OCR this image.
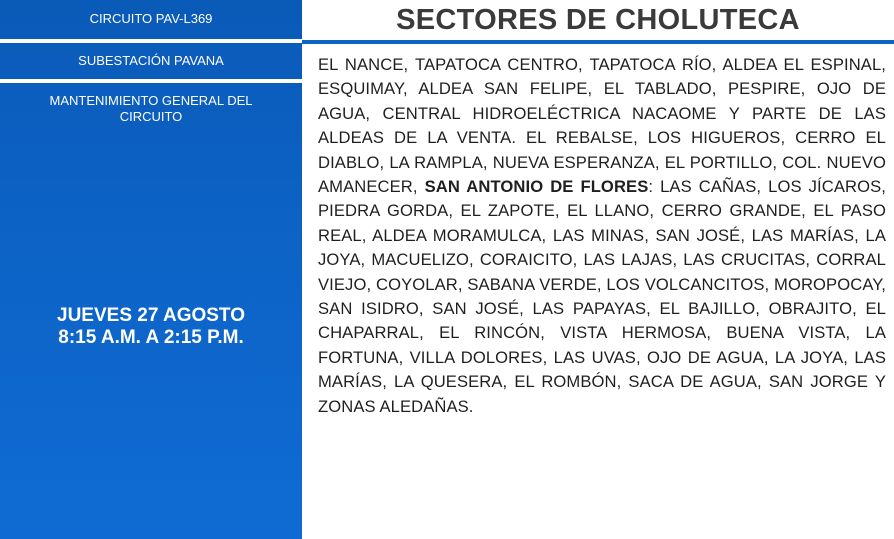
CIRCUITO PAV-L369
SUBESTACIÓN PAVANA
MANTENIMIENTO GENERAL DEL CIRCUITO
JUEVES 27 AGOSTO
8:15 A.M. A 2:15 P.M.
SECTORES DE CHOLUTECA
EL NANCE, TAPATOCA CENTRO, TAPATOCA RÍO, ALDEA EL ESPINAL, ESQUIMAY, ALDEA SAN FELIPE, EL TABLADO, PESPIRE, OJO DE AGUA, CENTRAL HIDROELÉCTRICA NACAOME Y PARTE DE LAS ALDEAS DE LA VENTA. EL REBALSE, LOS HIGUEROS, CERRO EL DIABLO, LA RAMPLA, NUEVA ESPERANZA, EL PORTILLO, COL. NUEVO AMANECER, SAN ANTONIO DE FLORES: LAS CAÑAS, LOS JÍCAROS, PIEDRA GORDA, EL ZAPOTE, EL LLANO, CERRO GRANDE, EL PASO REAL, ALDEA MORAMULCA, LAS MINAS, SAN JOSÉ, LAS MARÍAS, LA JOYA, MACUELIZO, CORAICITO, LAS LAJAS, LAS CRUCITAS, CORRAL VIEJO, COYOLAR, SABANA VERDE, LOS VOLCANCITOS, MOROPOCAY, SAN ISIDRO, SAN JOSÉ, LAS PAPAYAS, EL BAJILLO, OBRAJITO, EL CHAPARRAL, EL RINCÓN, VISTA HERMOSA, BUENA VISTA, LA FORTUNA, VILLA DOLORES, LAS UVAS, OJO DE AGUA, LA JOYA, LAS MARÍAS, LA QUESERA, EL ROMBÓN, SACA DE AGUA, SAN JORGE Y ZONAS ALEDAÑAS.
